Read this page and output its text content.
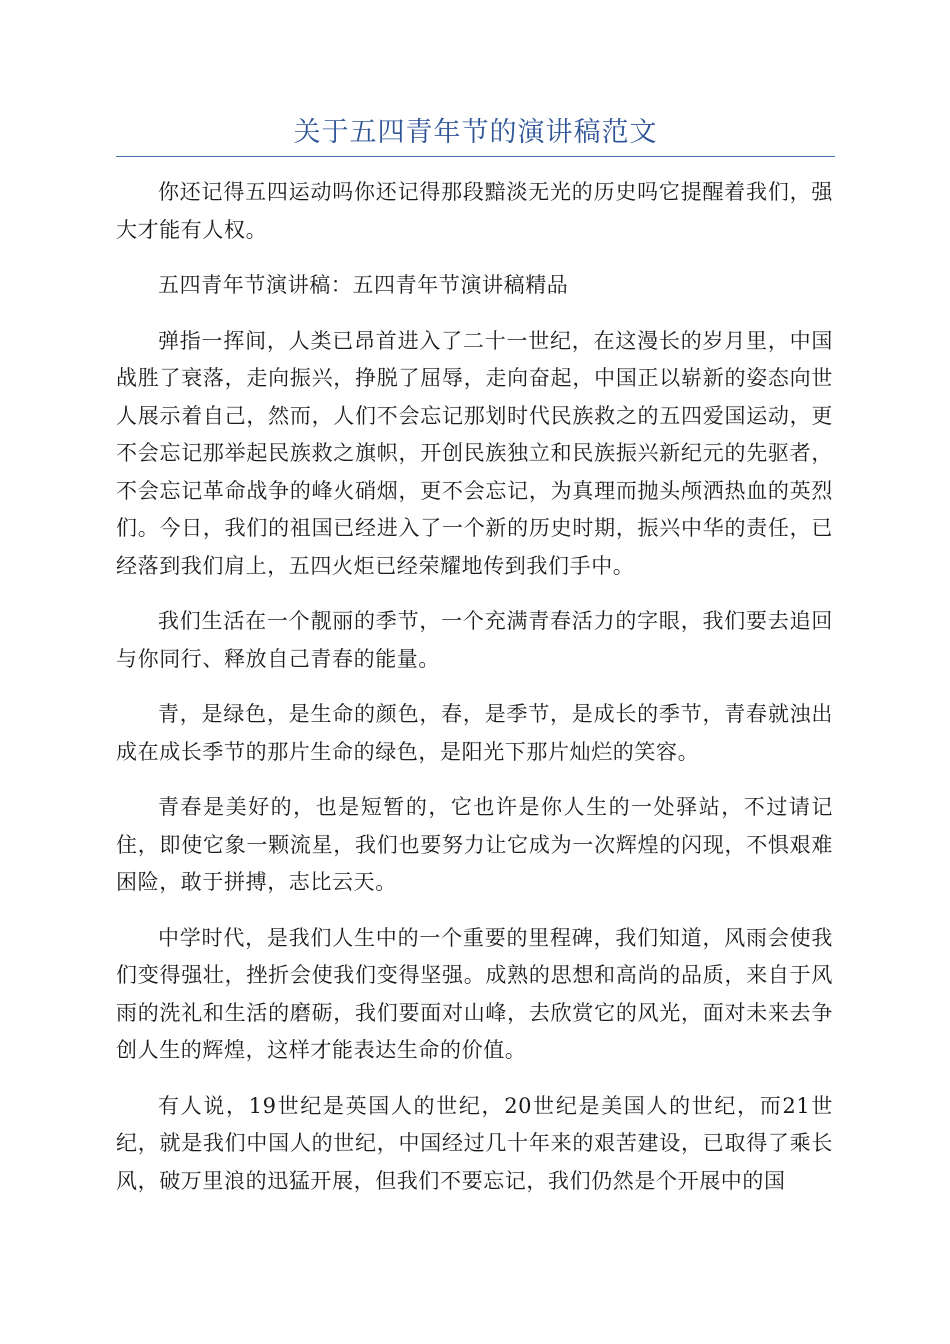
关于五四青年节的演讲稿范文

你还记得五四运动吗你还记得那段黯淡无光的历史吗它提醒着我们，强大才能有人权。

五四青年节演讲稿：五四青年节演讲稿精品

弹指一挥间，人类已昂首进入了二十一世纪，在这漫长的岁月里，中国战胜了衰落，走向振兴，挣脱了屈辱，走向奋起，中国正以崭新的姿态向世人展示着自己，然而，人们不会忘记那划时代民族救之的五四爱国运动，更不会忘记那举起民族救之旗帜，开创民族独立和民族振兴新纪元的先驱者，不会忘记革命战争的峰火硝烟，更不会忘记，为真理而抛头颅洒热血的英烈们。今日，我们的祖国已经进入了一个新的历史时期，振兴中华的责任，已经落到我们肩上，五四火炬已经荣耀地传到我们手中。

我们生活在一个靓丽的季节，一个充满青春活力的字眼，我们要去追回与你同行、释放自己青春的能量。

青，是绿色，是生命的颜色，春，是季节，是成长的季节，青春就浊出成在成长季节的那片生命的绿色，是阳光下那片灿烂的笑容。

青春是美好的，也是短暂的，它也许是你人生的一处驿站，不过请记住，即使它象一颗流星，我们也要努力让它成为一次辉煌的闪现，不惧艰难困险，敢于拼搏，志比云天。

中学时代，是我们人生中的一个重要的里程碑，我们知道，风雨会使我们变得强壮，挫折会使我们变得坚强。成熟的思想和高尚的品质，来自于风雨的洗礼和生活的磨砺，我们要面对山峰，去欣赏它的风光，面对未来去争创人生的辉煌，这样才能表达生命的价值。

有人说，19世纪是英国人的世纪，20世纪是美国人的世纪，而21世纪，就是我们中国人的世纪，中国经过几十年来的艰苦建设，已取得了乘长风，破万里浪的迅猛开展，但我们不要忘记，我们仍然是个开展中的国
